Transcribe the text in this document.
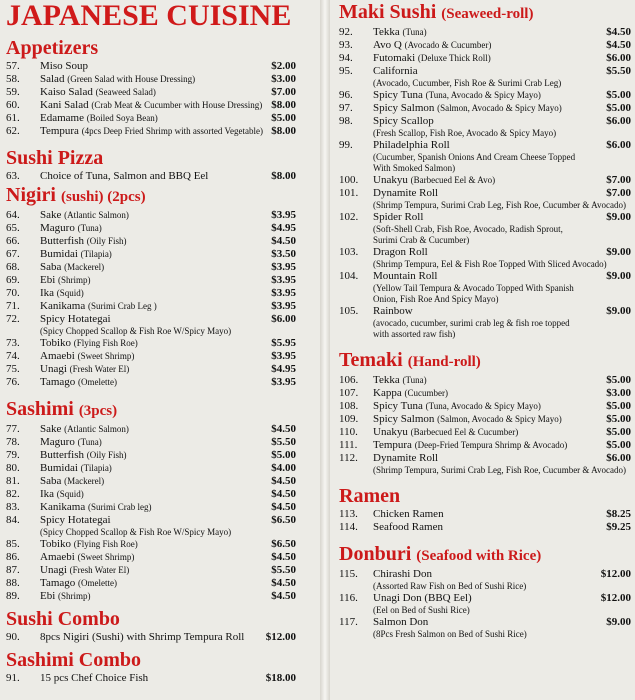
JAPANESE CUISINE
Appetizers
57.	Miso Soup	$2.00
58.	Salad (Green Salad with House Dressing)	$3.00
59.	Kaiso Salad (Seaweed Salad)	$7.00
60.	Kani Salad (Crab Meat & Cucumber with House Dressing) $8.00
61.	Edamame (Boiled Soya Bean)	$5.00
62.	Tempura (4pcs Deep Fried Shrimp with assorted Vegetable) $8.00
Sushi Pizza
63.	Choice of Tuna, Salmon and BBQ Eel	$8.00
Nigiri (sushi) (2pcs)
64.	Sake (Atlantic Salmon)	$3.95
65.	Maguro (Tuna)	$4.95
66.	Butterfish (Oily Fish)	$4.50
67.	Bumidai (Tilapia)	$3.50
68.	Saba (Mackerel)	$3.95
69.	Ebi (Shrimp)	$3.95
70.	Ika (Squid)	$3.95
71.	Kanikama (Surimi Crab Leg )	$3.95
72.	Spicy Hotategai
(Spicy Chopped Scallop & Fish Roe W/Spicy Mayo)
$6.00
73.	Tobiko (Flying Fish Roe)	$5.95
74.	Amaebi (Sweet Shrimp)	$3.95
75.	Unagi (Fresh Water El)	$4.95
76.	Tamago (Omelette)	$3.95
Sashimi (3pcs)
77.	Sake (Atlantic Salmon)	$4.50
78.	Maguro (Tuna)	$5.50
79.	Butterfish (Oily Fish)	$5.00
80.	Bumidai (Tilapia)	$4.00
81.	Saba (Mackerel)	$4.50
82.	Ika (Squid)	$4.50
83.	Kanikama (Surimi Crab leg)	$4.50
84.	Spicy Hotategai
(Spicy Chopped Scallop & Fish Roe W/Spicy Mayo)
$6.50
85.	Tobiko (Flying Fish Roe)	$6.50
86.	Amaebi (Sweet Shrimp)	$4.50
87.	Unagi (Fresh Water El)	$5.50
88.	Tamago (Omelette)	$4.50
89.	Ebi (Shrimp)	$4.50
Sushi Combo
90.	8pcs Nigiri (Sushi) with Shrimp Tempura Roll	$12.00
Sashimi Combo
91.	15 pcs Chef Choice Fish	$18.00
Maki Sushi (Seaweed-roll)
92.	Tekka (Tuna)	$4.50
93.	Avo Q (Avocado & Cucumber)	$4.50
94.	Futomaki (Deluxe Thick Roll)	$6.00
95.	California
(Avocado, Cucumber, Fish Roe & Surimi Crab Leg)
$5.50
96.	Spicy Tuna (Tuna, Avocado & Spicy Mayo)	$5.00
97.	Spicy Salmon (Salmon, Avocado & Spicy Mayo)	$5.00
98.	Spicy Scallop
(Fresh Scallop, Fish Roe, Avocado & Spicy Mayo)
$6.00
99.	Philadelphia Roll
(Cucumber, Spanish Onions And Cream Cheese Topped
With Smoked Salmon)
$6.00
100.	Unakyu (Barbecued Eel & Avo)	$7.00
101.	Dynamite Roll
(Shrimp Tempura, Surimi Crab Leg, Fish Roe, Cucumber & Avocado)
$7.00
102.	Spider Roll
(Soft-Shell Crab, Fish Roe, Avocado, Radish Sprout,
Surimi Crab & Cucumber)
$9.00
103.	Dragon Roll
(Shrimp Tempura, Eel & Fish Roe Topped With Sliced Avocado)
$9.00
104.	Mountain Roll
(Yellow Tail Tempura & Avocado Topped With Spanish
Onion, Fish Roe And Spicy Mayo)
$9.00
105.	Rainbow
(avocado, cucumber, surimi crab leg & fish roe topped
with assorted raw fish)
$9.00
Temaki (Hand-roll)
106.	Tekka (Tuna)	$5.00
107.	Kappa (Cucumber)	$3.00
108.	Spicy Tuna (Tuna, Avocado & Spicy Mayo)	$5.00
109.	Spicy Salmon (Salmon, Avocado & Spicy Mayo)	$5.00
110.	Unakyu (Barbecued Eel & Cucumber)	$5.00
111.	Tempura (Deep-Fried Tempura Shrimp & Avocado)	$5.00
112.	Dynamite Roll
(Shrimp Tempura, Surimi Crab Leg, Fish Roe, Cucumber & Avocado)
$6.00
Ramen
113.	Chicken Ramen	$8.25
114.	Seafood Ramen	$9.25
Donburi (Seafood with Rice)
115.	Chirashi Don
(Assorted Raw Fish on Bed of Sushi Rice)
$12.00
116.	Unagi Don (BBQ Eel)
(Eel on Bed of Sushi Rice)
$12.00
117.	Salmon Don
(8Pcs Fresh Salmon on Bed of Sushi Rice)
$9.00
